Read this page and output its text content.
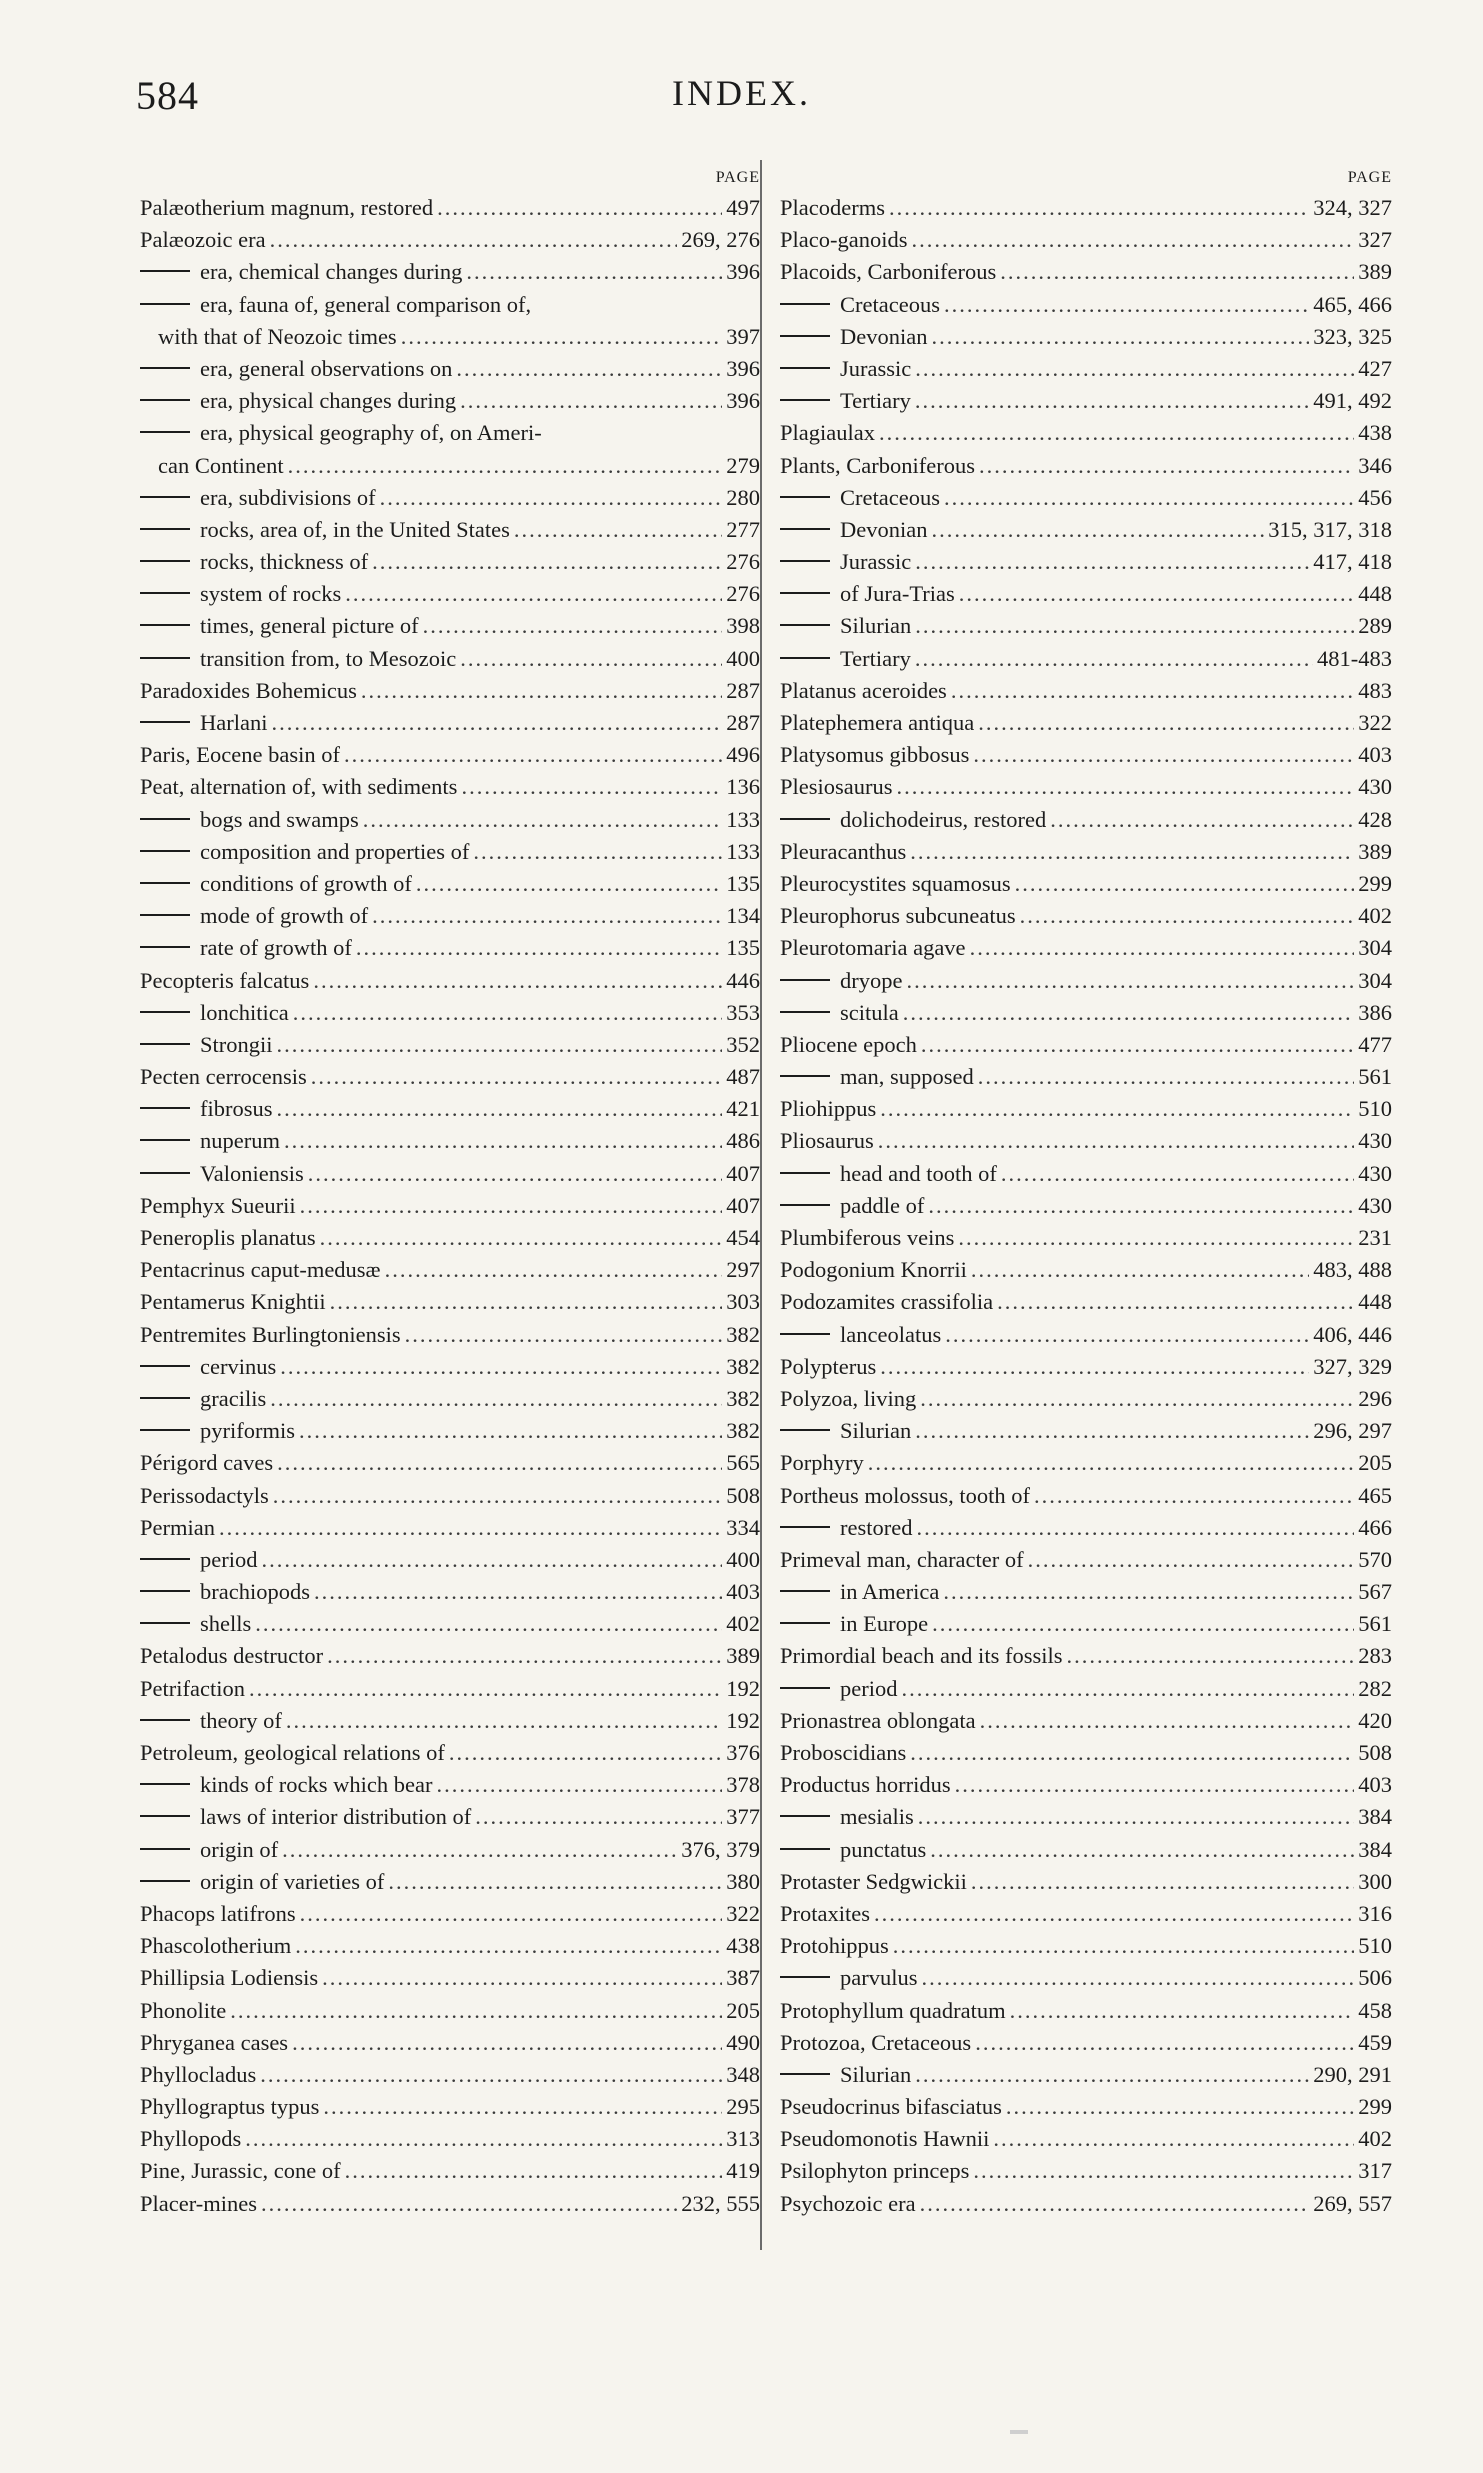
584	INDEX.
PAGE
Palæotherium magnum, restored .....	497
Palæozoic era .....	269, 276
era, chemical changes during .....	396
era, fauna of, general comparison of,
with that of Neozoic times .....	397
era, general observations on .....	396
era, physical changes during .....	396
era, physical geography of, on Ameri-
can Continent .....	279
era, subdivisions of .....	280
rocks, area of, in the United States .....	277
rocks, thickness of .....	276
system of rocks .....	276
times, general picture of .....	398
transition from, to Mesozoic .....	400
Paradoxides Bohemicus .....	287
Harlani .....	287
Paris, Eocene basin of .....	496
Peat, alternation of, with sediments .....	136
bogs and swamps .....	133
composition and properties of .....	133
conditions of growth of .....	135
mode of growth of .....	134
rate of growth of .....	135
Pecopteris falcatus .....	446
lonchitica .....	353
Strongii .....	352
Pecten cerrocensis .....	487
fibrosus .....	421
nuperum .....	486
Valoniensis .....	407
Pemphyx Sueurii .....	407
Peneroplis planatus .....	454
Pentacrinus caput-medusæ .....	297
Pentamerus Knightii .....	303
Pentremites Burlingtoniensis .....	382
cervinus .....	382
gracilis .....	382
pyriformis .....	382
Périgord caves .....	565
Perissodactyls .....	508
Permian .....	334
period .....	400
brachiopods .....	403
shells .....	402
Petalodus destructor .....	389
Petrifaction .....	192
theory of .....	192
Petroleum, geological relations of .....	376
kinds of rocks which bear .....	378
laws of interior distribution of .....	377
origin of .....	376, 379
origin of varieties of .....	380
Phacops latifrons .....	322
Phascolotherium .....	438
Phillipsia Lodiensis .....	387
Phonolite .....	205
Phryganea cases .....	490
Phyllocladus .....	348
Phyllograptus typus .....	295
Phyllopods .....	313
Pine, Jurassic, cone of .....	419
Placer-mines .....	232, 555
PAGE
Placoderms .....	324, 327
Placo-ganoids .....	327
Placoids, Carboniferous .....	389
Cretaceous .....	465, 466
Devonian .....	323, 325
Jurassic .....	427
Tertiary .....	491, 492
Plagiaulax .....	438
Plants, Carboniferous .....	346
Cretaceous .....	456
Devonian .....	315, 317, 318
Jurassic .....	417, 418
of Jura-Trias .....	448
Silurian .....	289
Tertiary .....	481-483
Platanus aceroides .....	483
Platephemera antiqua .....	322
Platysomus gibbosus .....	403
Plesiosaurus .....	430
dolichodeirus, restored .....	428
Pleuracanthus .....	389
Pleurocystites squamosus .....	299
Pleurophorus subcuneatus .....	402
Pleurotomaria agave .....	304
dryope .....	304
scitula .....	386
Pliocene epoch .....	477
man, supposed .....	561
Pliohippus .....	510
Pliosaurus .....	430
head and tooth of .....	430
paddle of .....	430
Plumbiferous veins .....	231
Podogonium Knorrii .....	483, 488
Podozamites crassifolia .....	448
lanceolatus .....	406, 446
Polypterus .....	327, 329
Polyzoa, living .....	296
Silurian .....	296, 297
Porphyry .....	205
Portheus molossus, tooth of .....	465
restored .....	466
Primeval man, character of .....	570
in America .....	567
in Europe .....	561
Primordial beach and its fossils .....	283
period .....	282
Prionastrea oblongata .....	420
Proboscidians .....	508
Productus horridus .....	403
mesialis .....	384
punctatus .....	384
Protaster Sedgwickii .....	300
Protaxites .....	316
Protohippus .....	510
parvulus .....	506
Protophyllum quadratum .....	458
Protozoa, Cretaceous .....	459
Silurian .....	290, 291
Pseudocrinus bifasciatus .....	299
Pseudomonotis Hawnii .....	402
Psilophyton princeps .....	317
Psychozoic era .....	269, 557
